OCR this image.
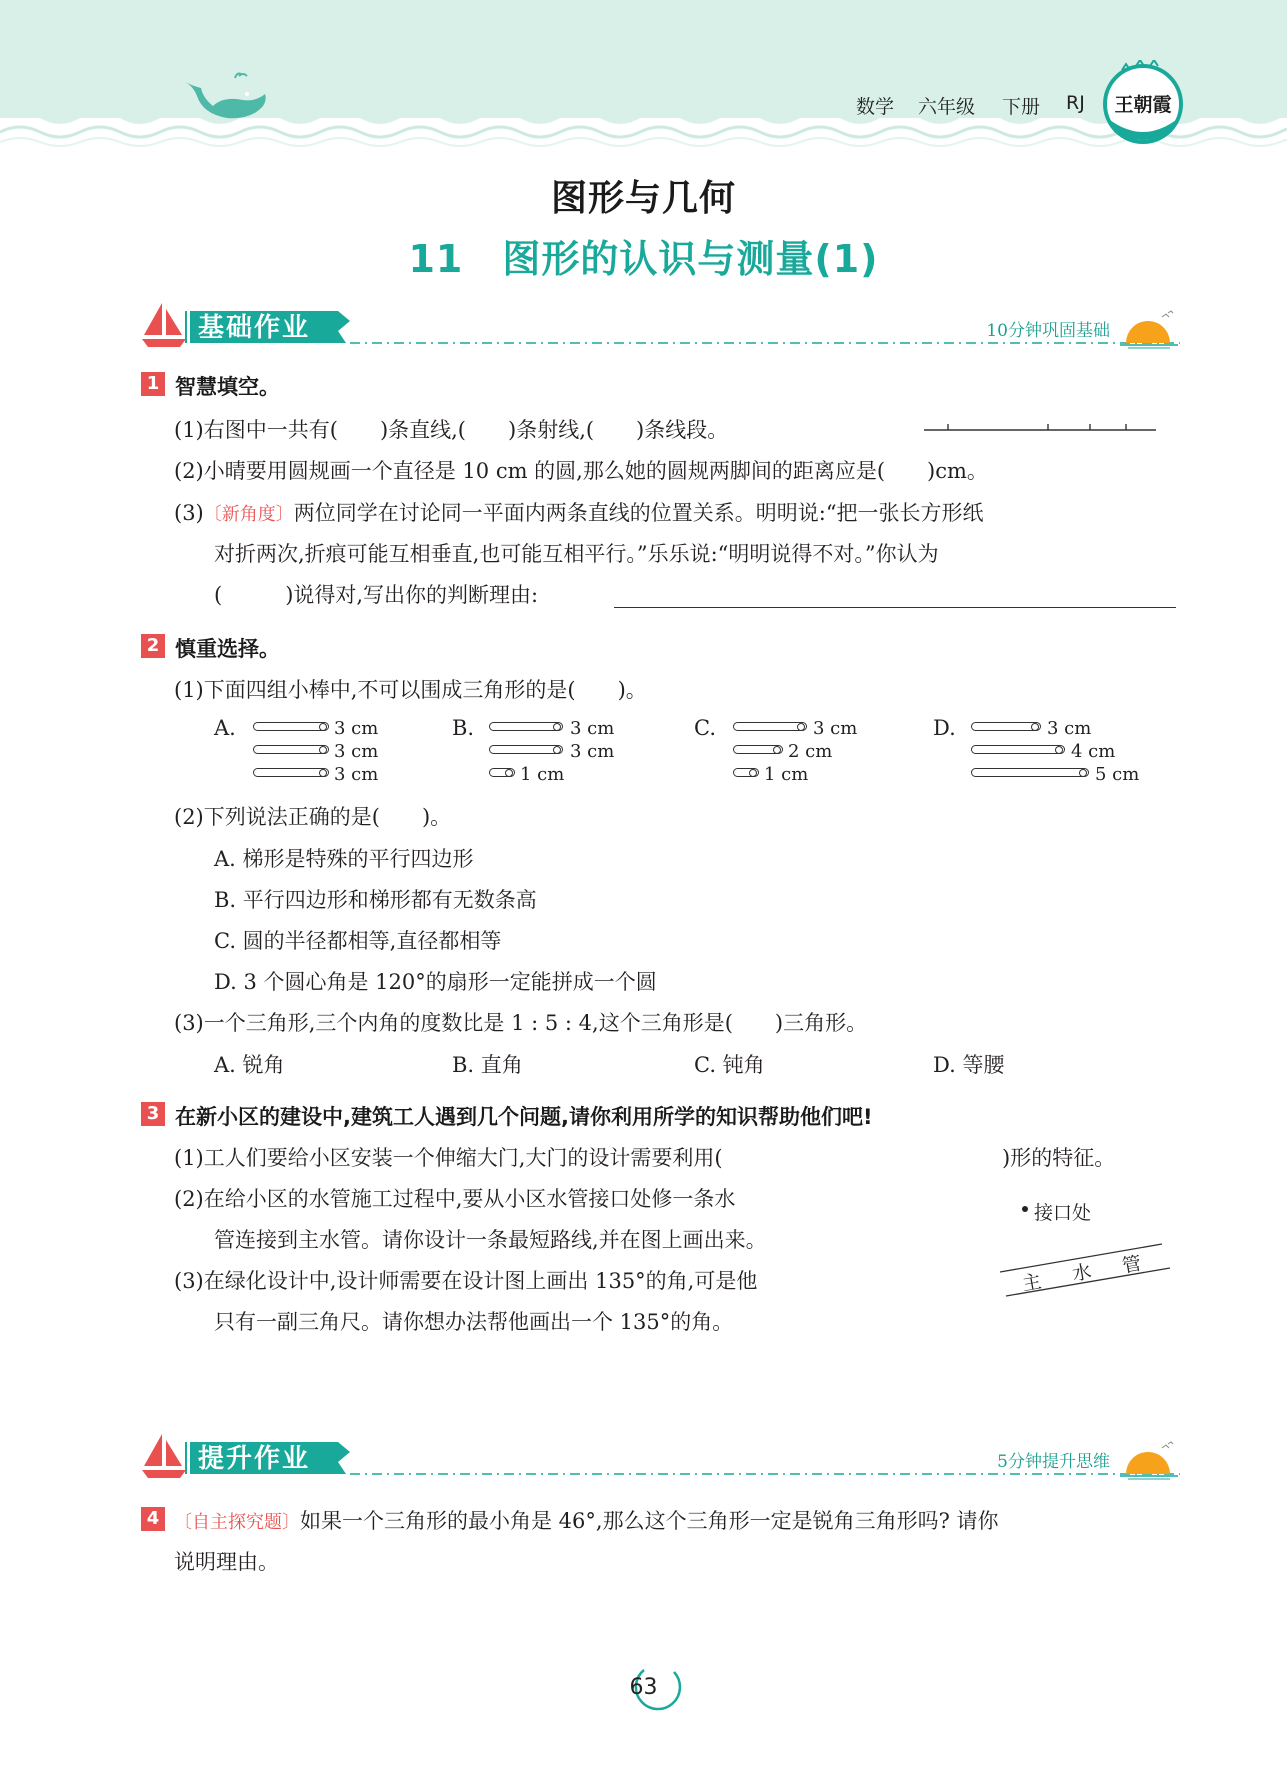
数学 六年级 下册 RJ 王朝霞
图形与几何
11　图形的认识与测量(1)
基础作业	10分钟巩固基础
1 智慧填空。
(1)右图中一共有(　　)条直线,(　　)条射线,(　　)条线段。
(2)小晴要用圆规画一个直径是 10 cm 的圆,那么她的圆规两脚间的距离应是(　　)cm。
(3)〔新角度〕两位同学在讨论同一平面内两条直线的位置关系。明明说:“把一张长方形纸
对折两次,折痕可能互相垂直,也可能互相平行。”乐乐说:“明明说得不对。”你认为
(　　　)说得对,写出你的判断理由:
2 慎重选择。
(1)下面四组小棒中,不可以围成三角形的是(　　)。
A.	3 cm
3 cm
3 cm
B.	3 cm
3 cm
1 cm
C.	3 cm
2 cm
1 cm
D.	3 cm
4 cm
5 cm
(2)下列说法正确的是(　　)。
A. 梯形是特殊的平行四边形
B. 平行四边形和梯形都有无数条高
C. 圆的半径都相等,直径都相等
D. 3 个圆心角是 120°的扇形一定能拼成一个圆
(3)一个三角形,三个内角的度数比是 1 : 5 : 4,这个三角形是(　　)三角形。
A. 锐角	B. 直角	C. 钝角	D. 等腰
3 在新小区的建设中,建筑工人遇到几个问题,请你利用所学的知识帮助他们吧!
(1)工人们要给小区安装一个伸缩大门,大门的设计需要利用(	)形的特征。
(2)在给小区的水管施工过程中,要从小区水管接口处修一条水
管连接到主水管。请你设计一条最短路线,并在图上画出来。
(3)在绿化设计中,设计师需要在设计图上画出 135°的角,可是他
只有一副三角尺。请你想办法帮他画出一个 135°的角。
接口处
主 水 管
提升作业	5分钟提升思维
4 〔自主探究题〕如果一个三角形的最小角是 46°,那么这个三角形一定是锐角三角形吗? 请你
说明理由。
63
